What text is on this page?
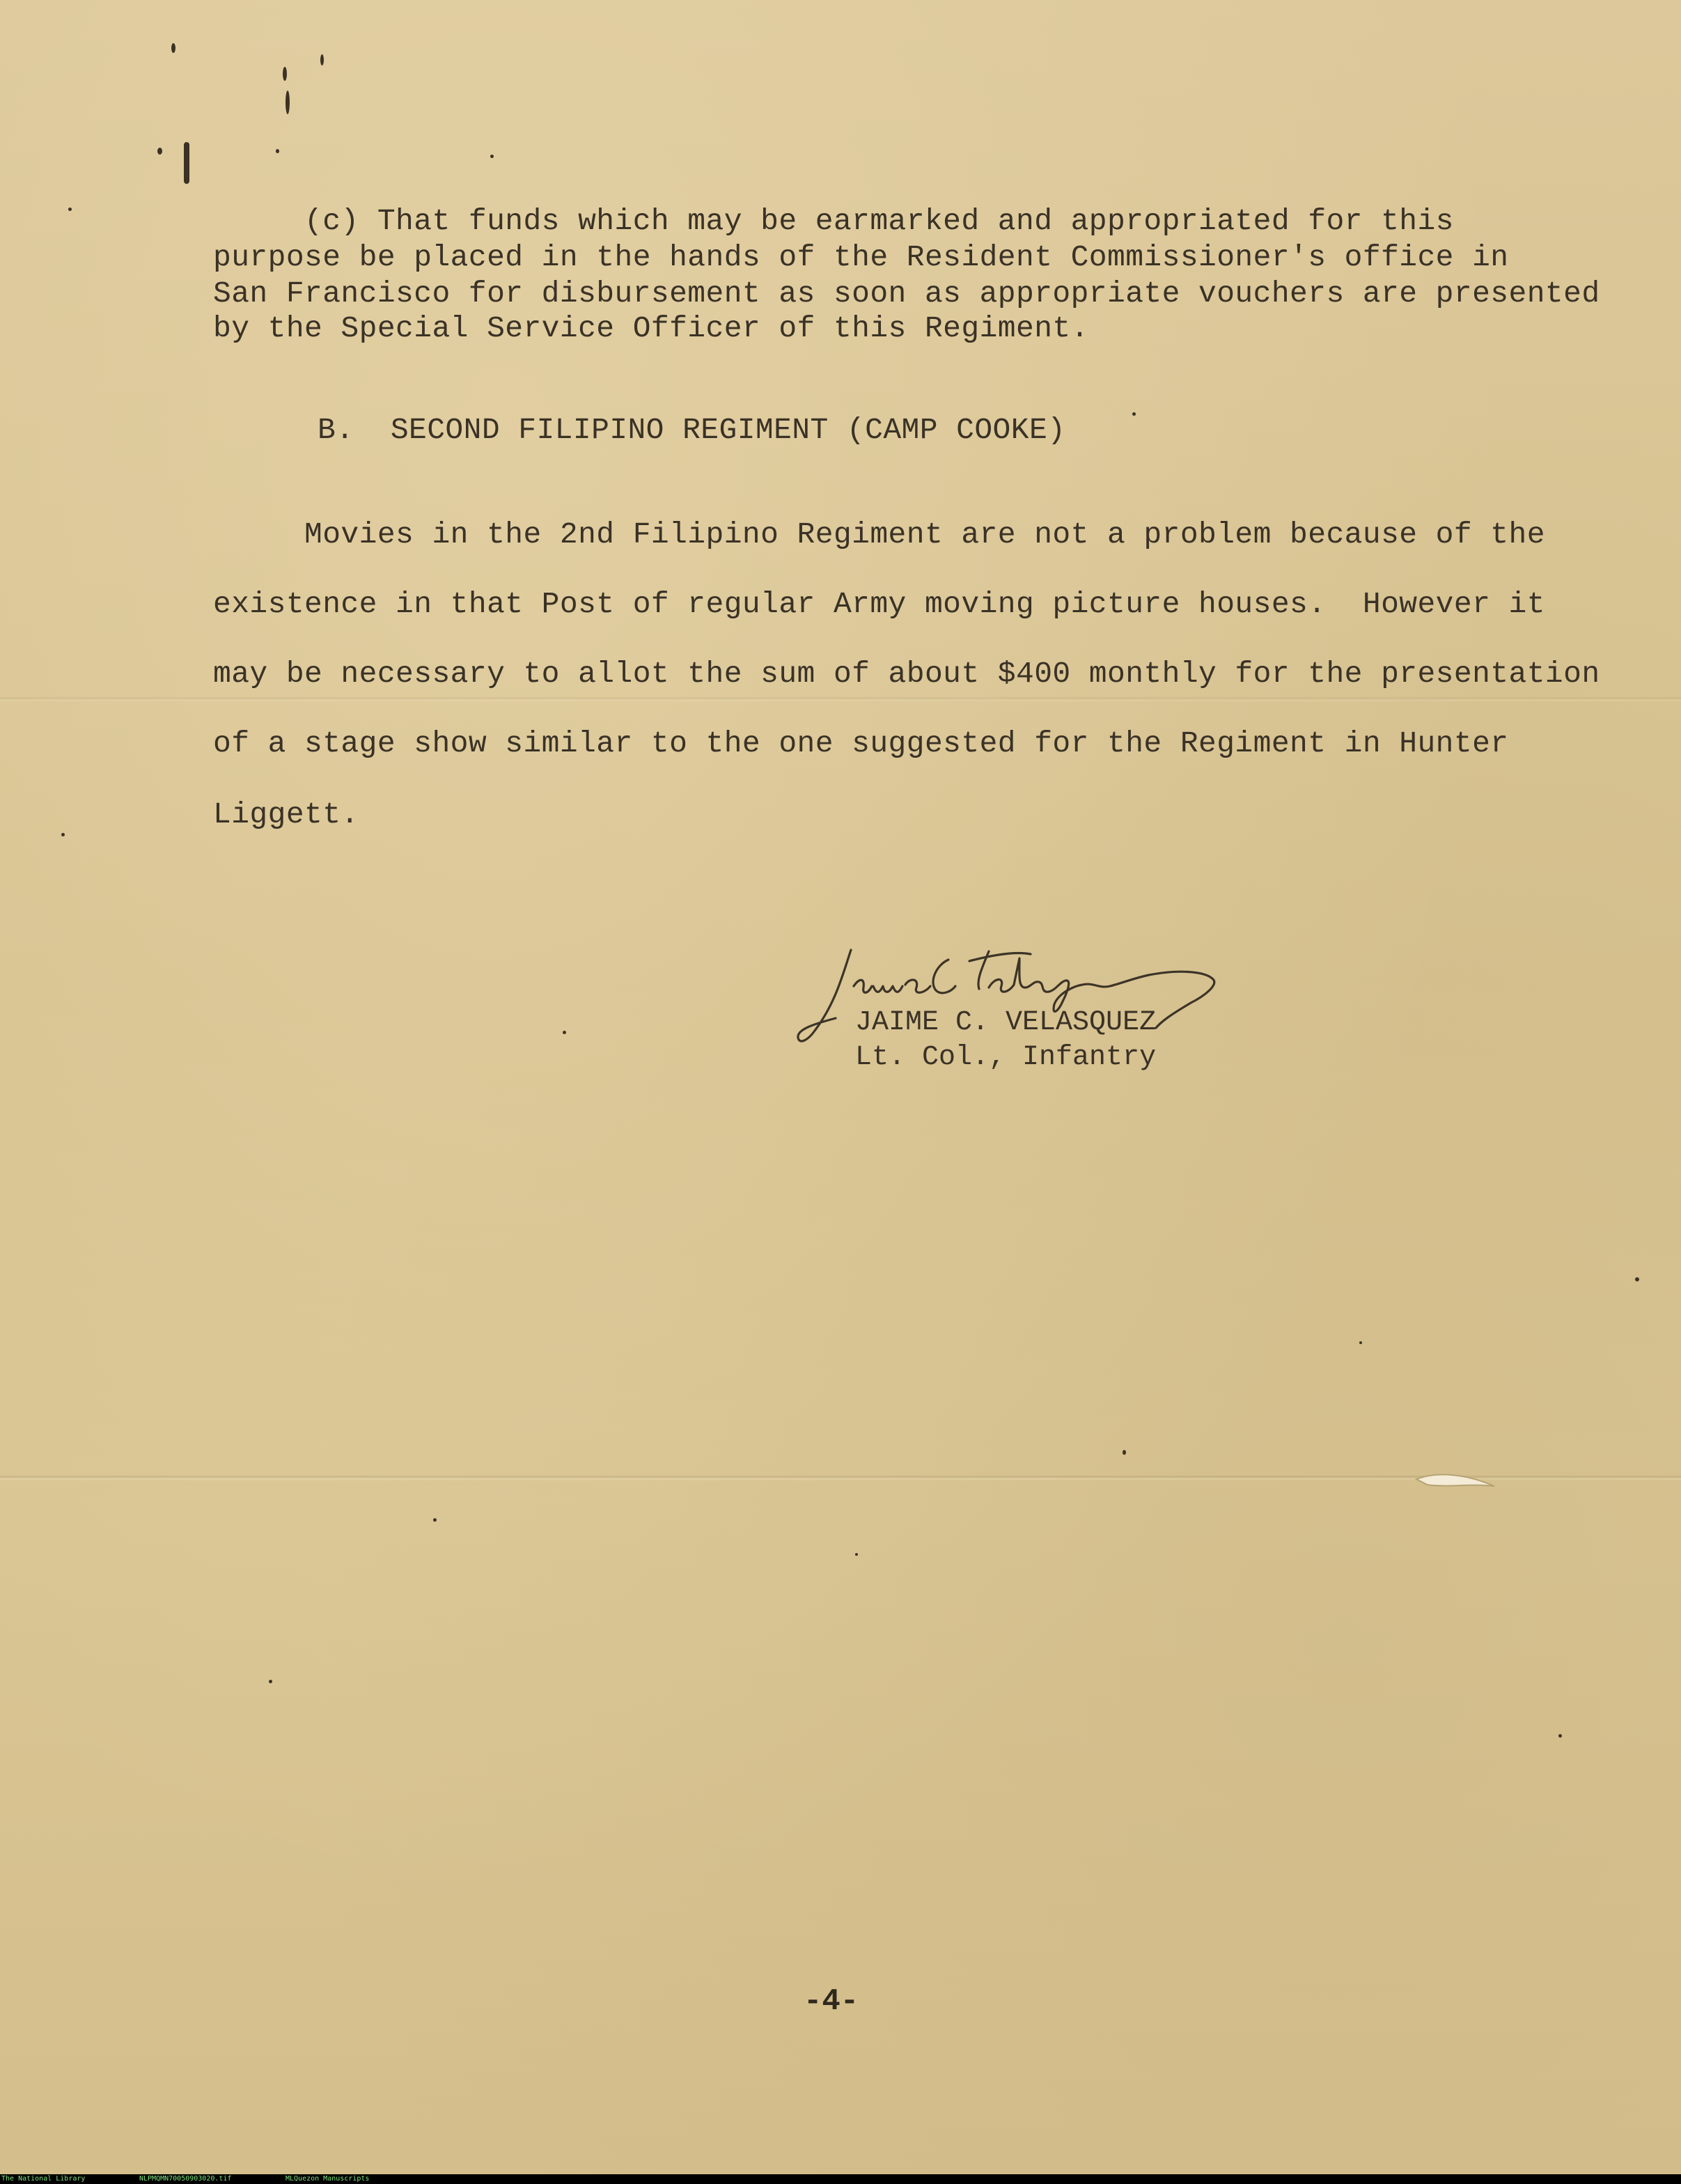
(c) That funds which may be earmarked and appropriated for this
purpose be placed in the hands of the Resident Commissioner's office in
San Francisco for disbursement as soon as appropriate vouchers are presented
by the Special Service Officer of this Regiment.
B.  SECOND FILIPINO REGIMENT (CAMP COOKE)
Movies in the 2nd Filipino Regiment are not a problem because of the
existence in that Post of regular Army moving picture houses.  However it
may be necessary to allot the sum of about $400 monthly for the presentation
of a stage show similar to the one suggested for the Regiment in Hunter
Liggett.
JAIME C. VELASQUEZ
Lt. Col., Infantry
-4-
The National Library	NLPMQMN70050903020.tif	MLQuezon Manuscripts
